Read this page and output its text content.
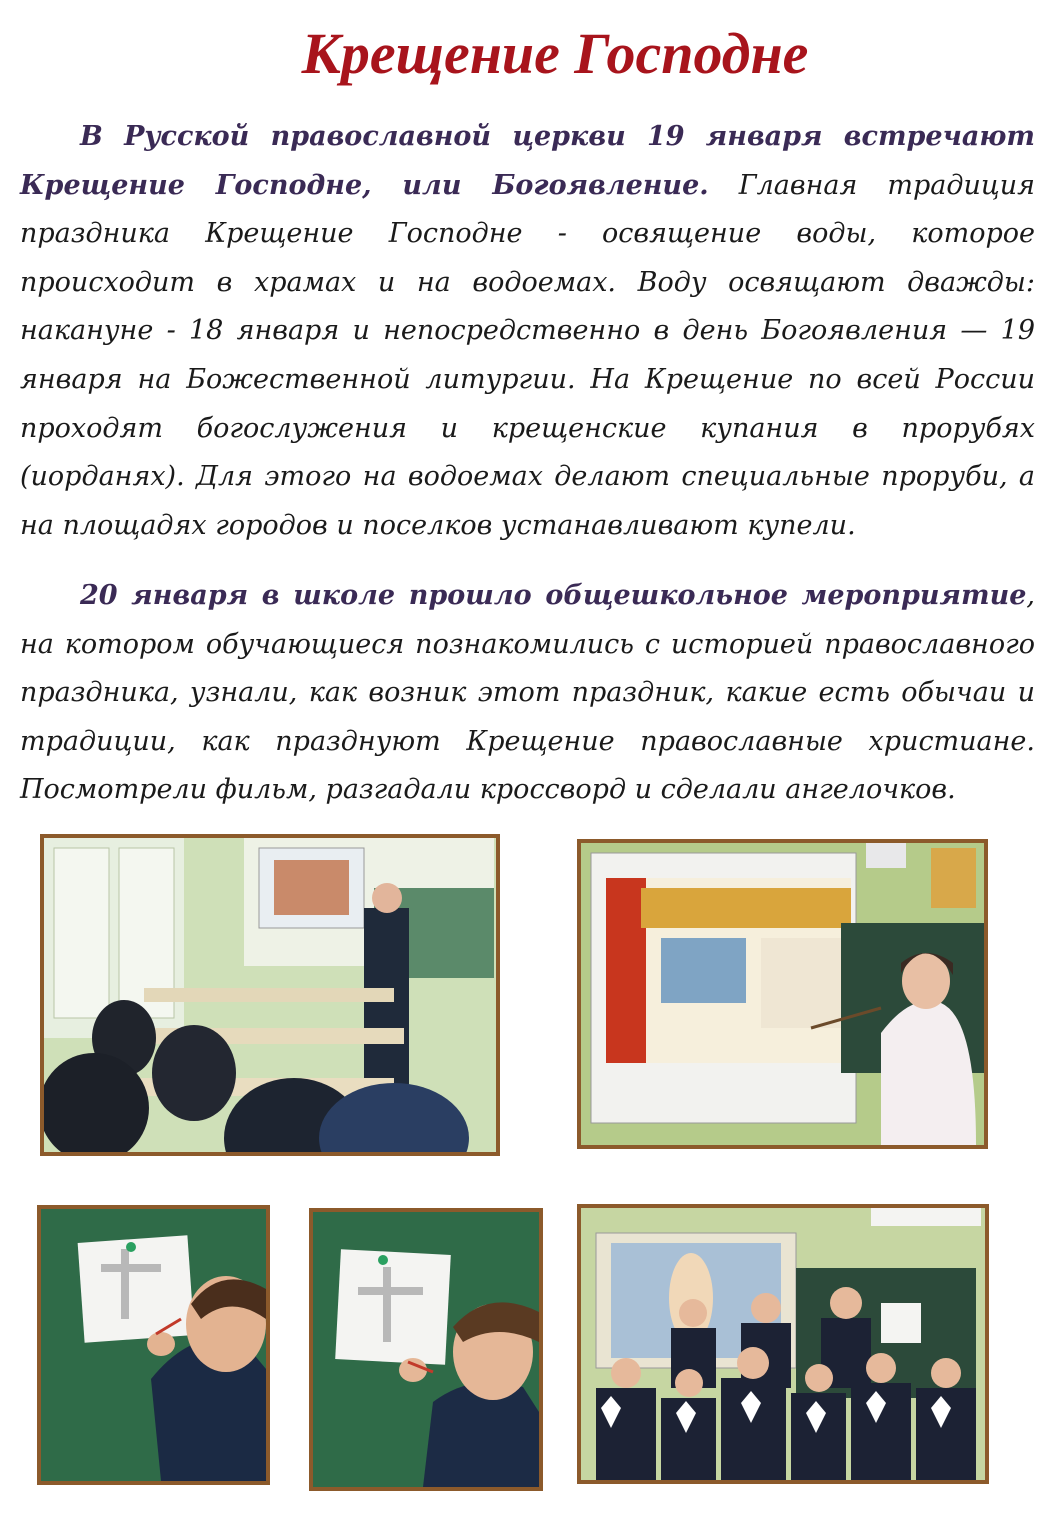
Крещение Господне

В Русской православной церкви 19 января встречают Крещение Господне, или Богоявление. Главная традиция праздника Крещение Господне - освящение воды, которое происходит в храмах и на водоемах. Воду освящают дважды: накануне - 18 января и непосредственно в день Богоявления — 19 января на Божественной литургии. На Крещение по всей России проходят богослужения и крещенские купания в прорубях (иорданях). Для этого на водоемах делают специальные проруби, а на площадях городов и поселков устанавливают купели.

20 января в школе прошло общешкольное мероприятие, на котором обучающиеся познакомились с историей православного праздника, узнали, как возник этот праздник, какие есть обычаи и традиции, как празднуют Крещение православные христиане. Посмотрели фильм, разгадали кроссворд и сделали ангелочков.
